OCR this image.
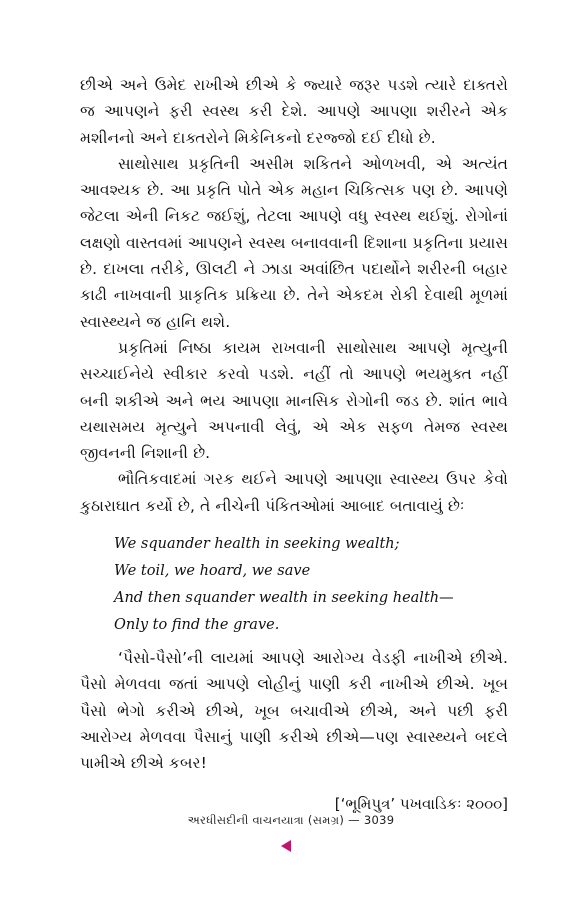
છીએ અને ઉમેદ રાખીએ છીએ કે જ્યારે જરૂર પડશે ત્યારે દાક્તરો જ આપણને ફરી સ્વસ્થ કરી દેશે. આપણે આપણા શરીરને એક મશીનનો અને દાક્તરોને મિકેનિકનો દરજ્જો દઈ દીધો છે.

સાથોસાથ પ્રકૃતિની અસીમ શકિતને ઓળખવી, એ અત્યંત આવશ્યક છે. આ પ્રકૃતિ પોતે એક મહાન ચિકિત્સક પણ છે. આપણે જેટલા એની નિકટ જઈશું, તેટલા આપણે વધુ સ્વસ્થ થઈશું. રોગોનાં લક્ષણો વાસ્તવમાં આપણને સ્વસ્થ બનાવવાની દિશાના પ્રકૃતિના પ્રયાસ છે. દાખલા તરીકે, ઊલટી ને ઝાડા અવાંછિત પદાર્થોને શરીરની બહાર કાઢી નાખવાની પ્રાકૃતિક પ્રક્રિયા છે. તેને એકદમ રોકી દેવાથી મૂળમાં સ્વાસ્થ્યને જ હાનિ થશે.

પ્રકૃતિમાં નિષ્ઠા કાયમ રાખવાની સાથોસાથ આપણે મૃત્યુની સચ્ચાઈનેયે સ્વીકાર કરવો પડશે. નહીં તો આપણે ભયમુક્ત નહીં બની શકીએ અને ભય આપણા માનસિક રોગોની જડ છે. શાંત ભાવે યથાસમય મૃત્યુને અપનાવી લેવું, એ એક સફળ તેમજ સ્વસ્થ જીવનની નિશાની છે.

ભૌતિકવાદમાં ગરક થઈને આપણે આપણા સ્વાસ્થ્ય ઉપર કેવો કુઠારાઘાત કર્યો છે, તે નીચેની પંકિતઓમાં આબાદ બતાવાયું છેઃ

We squander health in seeking wealth;
We toil, we hoard, we save
And then squander wealth in seeking health—
Only to find the grave.

‘પૈસો-પૈસો’ની લાયમાં આપણે આરોગ્ય વેડફી નાખીએ છીએ. પૈસો મેળવવા જતાં આપણે લોહીનું પાણી કરી નાખીએ છીએ. ખૂબ પૈસો ભેગો કરીએ છીએ, ખૂબ બચાવીએ છીએ, અને પછી ફરી આરોગ્ય મેળવવા પૈસાનું પાણી કરીએ છીએ—પણ સ્વાસ્થ્યને બદલે પામીએ છીએ કબર!

[‘ભૂમિપુત્ર’ પખવાડિકઃ ૨૦૦૦]
અરધીસદીની વાચનયાત્રા (સમગ્ર) — 3039
